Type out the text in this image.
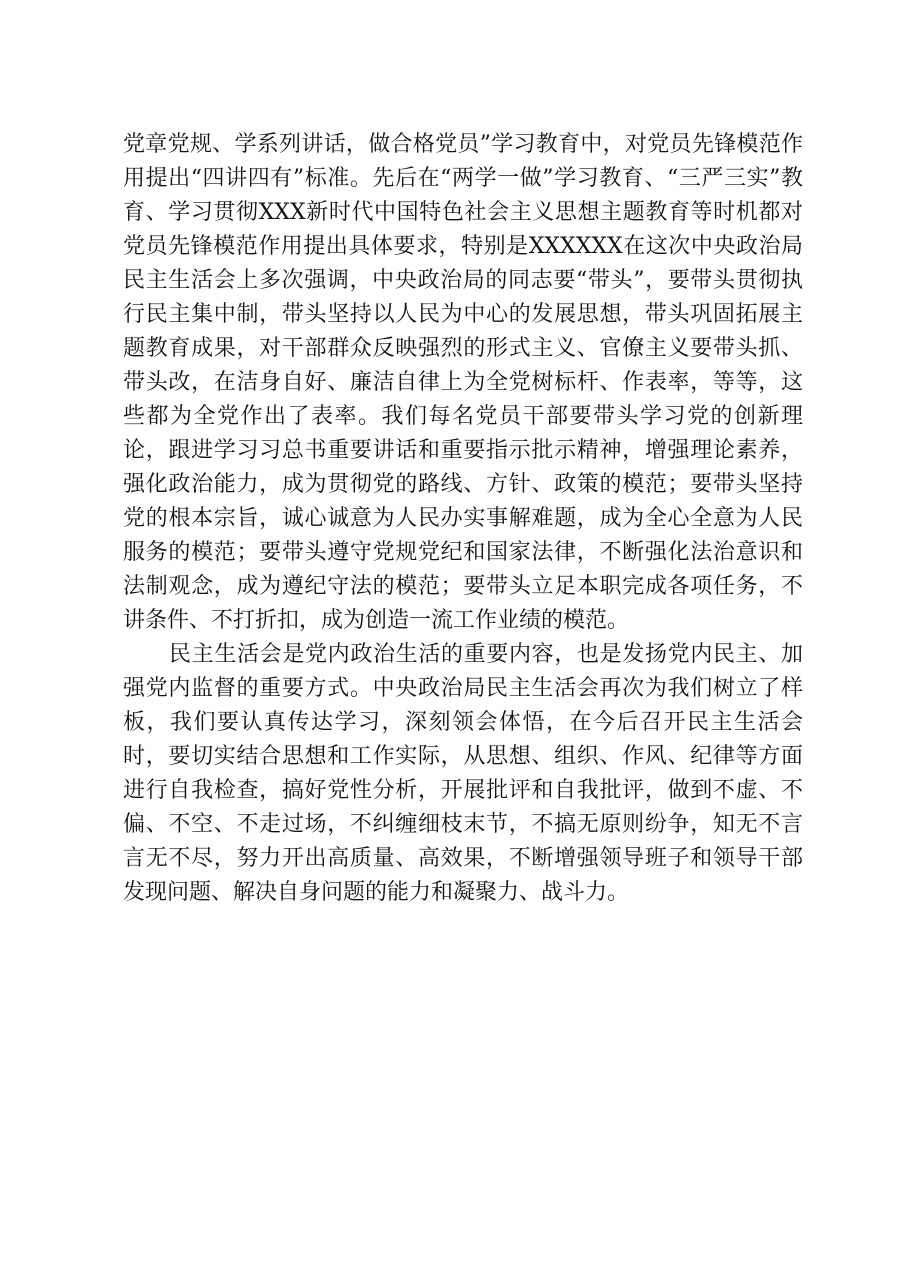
党章党规、学系列讲话，做合格党员”学习教育中，对党员先锋模范作用提出“四讲四有”标准。先后在“两学一做”学习教育、“三严三实”教育、学习贯彻XXX新时代中国特色社会主义思想主题教育等时机都对党员先锋模范作用提出具体要求，特别是XXXXXX在这次中央政治局民主生活会上多次强调，中央政治局的同志要“带头”，要带头贯彻执行民主集中制，带头坚持以人民为中心的发展思想，带头巩固拓展主题教育成果，对干部群众反映强烈的形式主义、官僚主义要带头抓、带头改，在洁身自好、廉洁自律上为全党树标杆、作表率，等等，这些都为全党作出了表率。我们每名党员干部要带头学习党的创新理论，跟进学习习总书重要讲话和重要指示批示精神，增强理论素养，强化政治能力，成为贯彻党的路线、方针、政策的模范；要带头坚持党的根本宗旨，诚心诚意为人民办实事解难题，成为全心全意为人民服务的模范；要带头遵守党规党纪和国家法律，不断强化法治意识和法制观念，成为遵纪守法的模范；要带头立足本职完成各项任务，不讲条件、不打折扣，成为创造一流工作业绩的模范。

民主生活会是党内政治生活的重要内容，也是发扬党内民主、加强党内监督的重要方式。中央政治局民主生活会再次为我们树立了样板，我们要认真传达学习，深刻领会体悟，在今后召开民主生活会时，要切实结合思想和工作实际，从思想、组织、作风、纪律等方面进行自我检查，搞好党性分析，开展批评和自我批评，做到不虚、不偏、不空、不走过场，不纠缠细枝末节，不搞无原则纷争，知无不言言无不尽，努力开出高质量、高效果，不断增强领导班子和领导干部发现问题、解决自身问题的能力和凝聚力、战斗力。
